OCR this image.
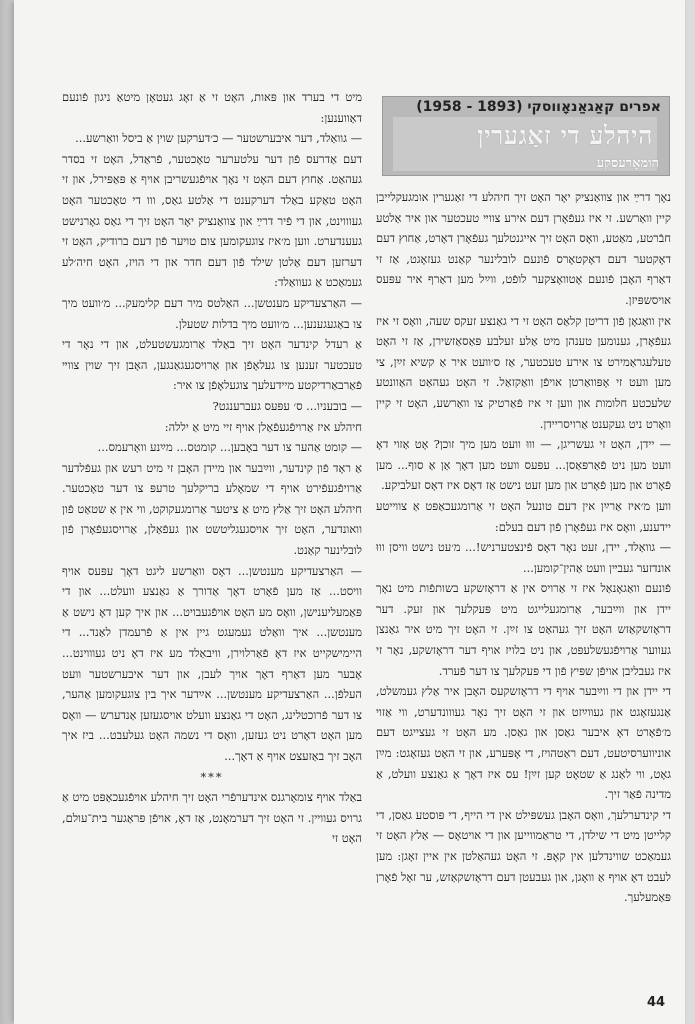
אפרים קאַגאַנאָווסקי (1893 - 1958)
היהלע די זאַגערין
הומאָרעסקע

נאָך דרײַ און צוואַנציק יאָר האָט זיך חיהלע די זאַגערין אומגעקלייבן קיין וואַרשע. זי איז געפֿאָרן דעם אירע צווײ טעכטער און איר אַלטע חבֿרטע, מאַטע, וואָס האָט זיך אייגנטלעך געפֿאָרן דאָרט, אַחוץ דעם דאָקטער דעם דאָקטאָרס פֿונעם לובלינער קאַנט געזאָגט, אַז זי דאַרף האָבן פֿונעם אָטװאָצקער לופֿט, ווײַל מען דאַרף איר עפּעס אויסשפּיזן.

אין וואַגאָן פֿון דריטן קלאַס האָט זי די גאַנצע זעקס שעה, וואָס זי איז געפֿאָרן, גענומען טענהן מיט אַלע זעלבע פּאַסאַזשירן, אַז זי האָט טעלעגראַמירט צו אירע טעכטער, אַז ס׳וועט איר אַ קשיא זײַן, צי מען וועט זי אָפּוואַרטן אויפֿן וואַקזאַל. זי האָט געהאַט האַוונטע שלעכטע חלומות און ווען זי איז פֿאַרטיק צו וואַרשע, האָט זי קיין וואָרט ניט געקענט אַרויסריידן.

— יידן, האָט זי געשריגן, — וווּ וועט מען מיך זוכן? אָט אַזוי דאָ וועט מען ניט פֿאַרפּאַסן... עפּעס וועט מען דאָך אַן אַ סוף... מען פֿאָרט און מען פֿאָרט און מען זעט נישט אַז דאָס איז דאָס זעלביקע.

ווען מ׳איז אַרײַן אין דעם טונעל האָט זי אַרומגעכאַפּט אַ צווייטע יידענע, וואָס איז געפֿאָרן פֿון דעם בעלם:

— גוואַלד, יידן, זעט נאָר דאָס פֿינצטערניש!... מ׳עט נישט וויסן וווּ אונדזער געבײן וועט אַהין־קומען...

פֿונעם וואַגאָנאַל איז זי אַרויס אין אַ דראָזשקע בשותפֿות מיט נאָך יידן און ווײַבער, אַרומגעלייגט מיט פּעקלעך און זעק. דער דראָזשקאַזש האָט זיך געהאַט צו זײַן. זי האָט זיך מיט איר גאַנצן געווער אַרויפֿגעשלעפּט, און ניט בלויז אויף דער דראָזשקע, נאָר זי איז געבליבן אויפֿן שפּיץ פֿון די פּעקלעך צו דער פֿערד.

די יידן און די ווײַבער אויף די דראָזשקעס האָבן איר אַלץ געמשלט, אַנגעזאָגט און געווײַזט און זי האָט זיך נאָר געווונדערט, ווי אַזוי מ׳פֿאָרט דאָ איבער גאַסן און גאַסן. מע האָט זי געצייגט דעם אוניווערסיטעט, דעם ראַטהויז, די אָפּערע, און זי האָט געזאָגט: מײַן גאָט, ווי לאַנג אַ שטאָט קען זײַן! עס איז דאָך אַ גאַנצע וועלט, אַ מדינה פֿאַר זיך.

די קינדערלעך, וואָס האָבן געשפּילט אין די הייף, די פּוסטע גאַסן, די קלייטן מיט די שילדן, די טראַמווייען און די אויטאָס — אַלץ האָט זי געמאַכט שווינדלען אין קאָפּ. זי האָט געהאַלטן אין איין זאָגן: מען לעבט דאָ אויף אַ וואָגן, און געבעטן דעם דראָזשקאַזש, ער זאָל פֿאָרן פּאַמעלעך.

מיט די בערד און פּאות, האָט זי אַ זאָג געטאָן מיטאַ ניגון פֿונעם דאַווענען:

— גוואַלד, דער איבערשטער — כ׳דערקען שוין אַ ביסל וואַרשע...

דעם אַדרעס פֿון דער עלטערער טאָכטער, פֿראַדל, האָט זי בסדר געהאַט. אַחוץ דעם האָט זי נאָך אויפֿגעשריבן אויף אַ פּאַפּירל, און זי האָט טאַקע באַלד דערקענט די אַלטע גאַס, ווו די טאָכטער האָט געוווינט, און די פֿיר דרײַ און צוואַנציק יאָר האָט זיך די גאַס גאָרנישט געענדערט. ווען מ׳איז צוגעקומען צום טויער פֿון דעם ברודיק, האָט זי דערזען דעם אַלטן שילד פֿון דעם חדר און די הויז, האָט חיה׳לע געמאַכט אַ געוואַלד:

— האַרצעדיקע מענטשן... האַלטס מיר דעם קלימעק... מ׳וועט מיך צו באַגעגענען... מ׳וועט מיך בדלות שטעלן.

אַ רעדל קינדער האָט זיך באַלד אַרומגעשטעלט, און די נאָר די טעכטער זענען צו געלאָפֿן און אַרויסגעגאַנגען, האָבן זיך שוין צווײ פֿאַרבאַרדיקטע מיידעלעך צוגעלאָפֿן צו איר:

— בובעניו... ס׳ עפּעס געברענגט?

חיהלע איז אַרויפֿגעפֿאַלן אויף זיי מיט אַ יללה:

— קומט אַהער צו דער באָבען... קומטס... מײַנע וואָרעמס...

אַ ראָד פֿון קינדער, ווײַבער און מיידן האָבן זי מיט רעש און געפֿלדער אַרויפֿגעפֿירט אויף די שמאָלע בריקלעך טרעפּ צו דער טאָכטער. חיהלע האָט זיך אַלץ מיט אַ ציטער אַרומגעקוקט, ווי אין אַ שטאַט פֿון וואונדער, האָט זיך אויסגעגליטשט און געפֿאַלן, אַרויסגעפֿאָרן פֿון לובלינער קאַנט.

— האַרצעדיקע מענטשן... דאָס וואַרשע ליגט דאָך עפּעס אויף וויסט... אַז מען פֿאָרט דאָך אַדורך אַ גאַנצע וועלט... און די פּאַמעליענישן, וואָס מע האָט אויפֿגעבויט... און איך קען דאָ נישט אַ מענטשן... איך וואַלט געמעגט גיין אין אַ פֿרעמדן לאַנד... די היימישקייט איז דאָ פֿאַרלוירן, וויבאַלד מע איז דאָ ניט געוווינט... אָבער מען דאַרף דאָך אויך לעבן, און דער איבערשטער וועט העלפֿן... האַרצעדיקע מענטשן... אײַדער איך בין צוגעקומען אַהער, צו דער פֿרוכטלינג, האָט די גאַנצע וועלט אויסגעזען אַנדערש — וואָס מען האָט דאָרט ניט געזען, וואָס די נשמה האָט געלעבט... ביז איך האָב זיך באַזעצט אויף אַ דאָך...

***

באַלד אויף צומאָרגנס אינדערפֿרי האָט זיך חיהלע אויפֿגעכאַפּט מיט אַ גרויס געוויין. זי האָט זיך דערמאָנט, אַז דאָ, אויפֿן פּראַגער בית־עולם, האָט זי

44
